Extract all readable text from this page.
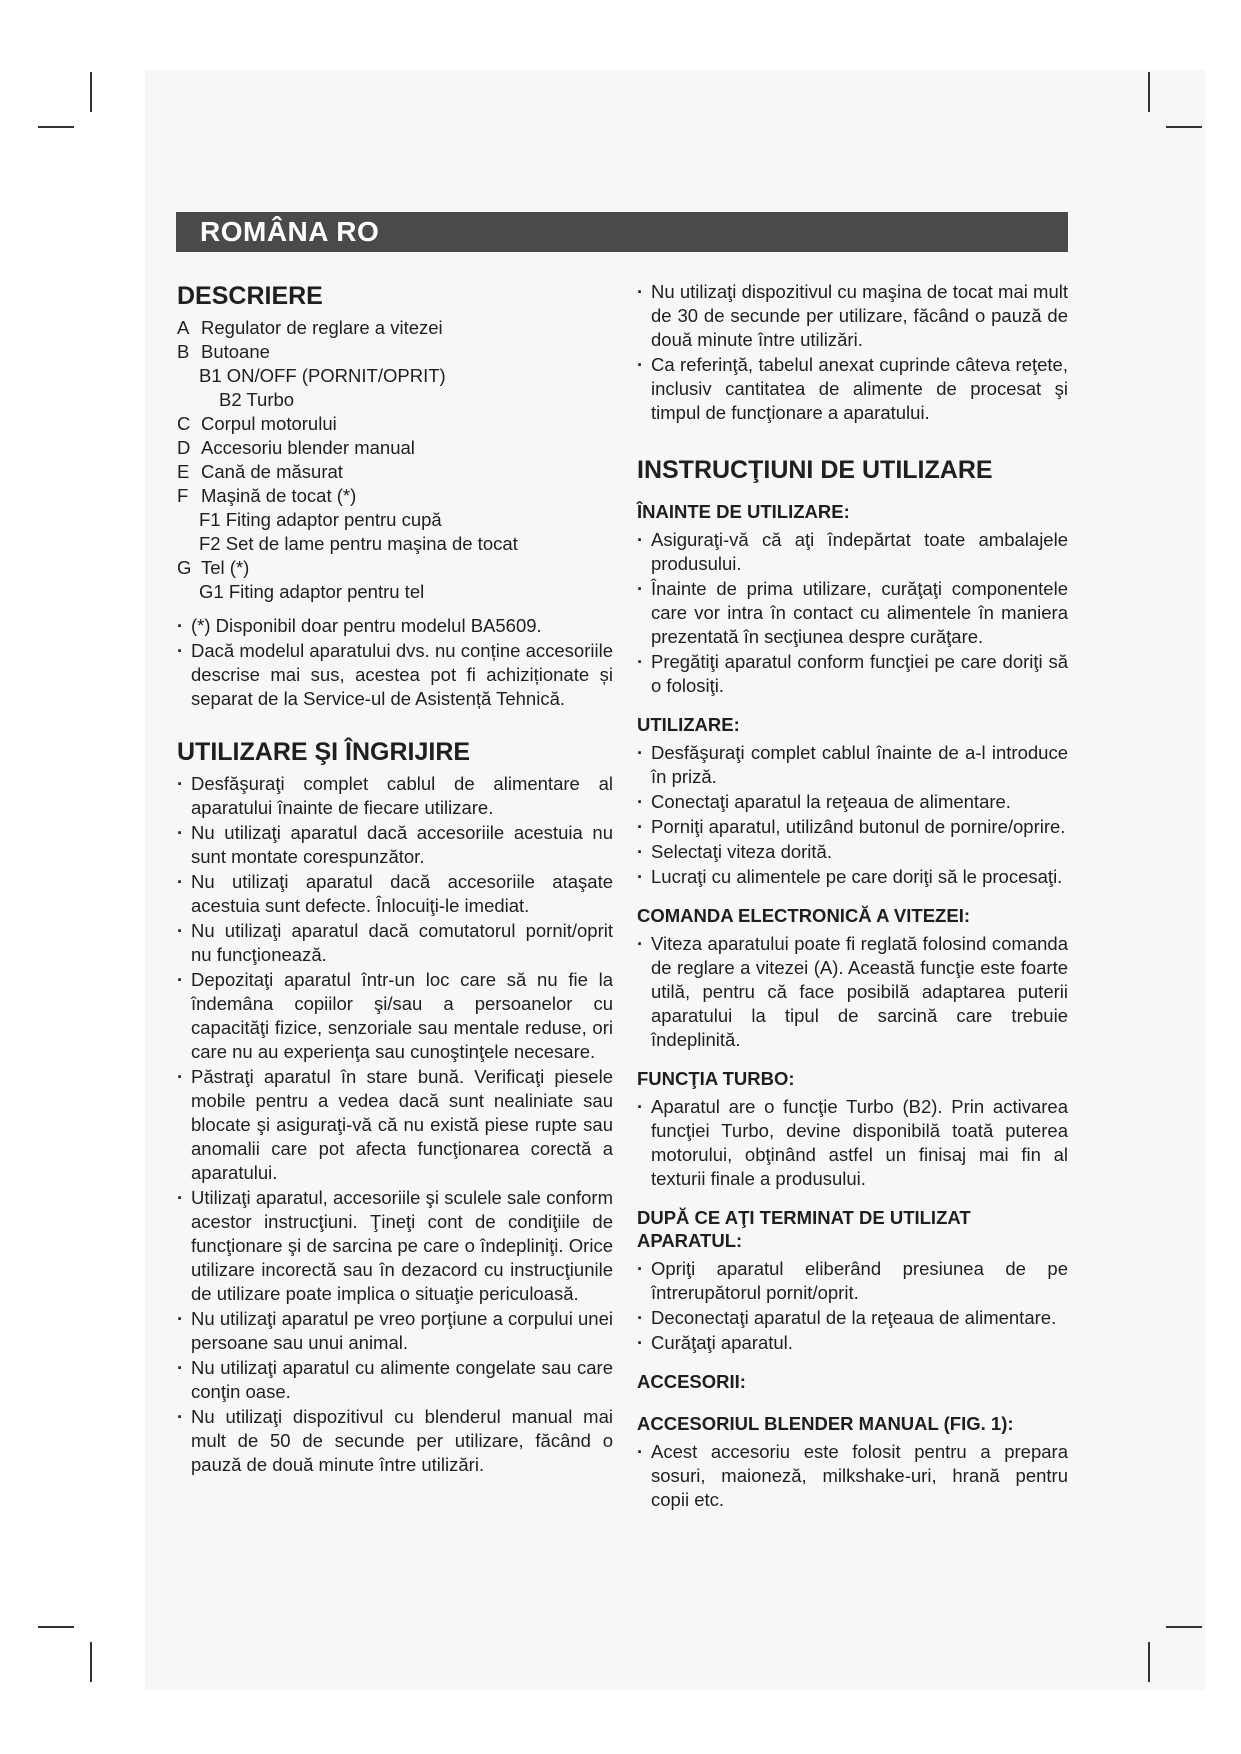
ROMÂNA RO
DESCRIERE
A Regulator de reglare a vitezei
B Butoane
B1 ON/OFF (PORNIT/OPRIT)
B2 Turbo
C Corpul motorului
D Accesoriu blender manual
E Cană de măsurat
F Maşină de tocat (*)
F1 Fiting adaptor pentru cupă
F2 Set de lame pentru maşina de tocat
G Tel (*)
G1 Fiting adaptor pentru tel
· (*) Disponibil doar pentru modelul BA5609.
· Dacă modelul aparatului dvs. nu conține accesoriile descrise mai sus, acestea pot fi achiziționate și separat de la Service-ul de Asistență Tehnică.
UTILIZARE ŞI ÎNGRIJIRE
· Desfăşuraţi complet cablul de alimentare al aparatului înainte de fiecare utilizare.
· Nu utilizaţi aparatul dacă accesoriile acestuia nu sunt montate corespunzător.
· Nu utilizaţi aparatul dacă accesoriile ataşate acestuia sunt defecte. Înlocuiţi-le imediat.
· Nu utilizaţi aparatul dacă comutatorul pornit/oprit nu funcţionează.
· Depozitaţi aparatul într-un loc care să nu fie la îndemâna copiilor şi/sau a persoanelor cu capacităţi fizice, senzoriale sau mentale reduse, ori care nu au experienţa sau cunoştinţele necesare.
· Păstraţi aparatul în stare bună. Verificaţi piesele mobile pentru a vedea dacă sunt nealiniate sau blocate şi asiguraţi-vă că nu există piese rupte sau anomalii care pot afecta funcţionarea corectă a aparatului.
· Utilizaţi aparatul, accesoriile şi sculele sale conform acestor instrucţiuni. Ţineţi cont de condiţiile de funcţionare şi de sarcina pe care o îndepliniţi. Orice utilizare incorectă sau în dezacord cu instrucţiunile de utilizare poate implica o situaţie periculoasă.
· Nu utilizaţi aparatul pe vreo porţiune a corpului unei persoane sau unui animal.
· Nu utilizaţi aparatul cu alimente congelate sau care conţin oase.
· Nu utilizaţi dispozitivul cu blenderul manual mai mult de 50 de secunde per utilizare, făcând o pauză de două minute între utilizări.
· Nu utilizaţi dispozitivul cu maşina de tocat mai mult de 30 de secunde per utilizare, făcând o pauză de două minute între utilizări.
· Ca referinţă, tabelul anexat cuprinde câteva reţete, inclusiv cantitatea de alimente de procesat şi timpul de funcţionare a aparatului.
INSTRUCŢIUNI DE UTILIZARE
ÎNAINTE DE UTILIZARE:
· Asiguraţi-vă că aţi îndepărtat toate ambalajele produsului.
· Înainte de prima utilizare, curăţaţi componentele care vor intra în contact cu alimentele în maniera prezentată în secţiunea despre curăţare.
· Pregătiţi aparatul conform funcţiei pe care doriţi să o folosiţi.
UTILIZARE:
· Desfăşuraţi complet cablul înainte de a-l introduce în priză.
· Conectaţi aparatul la reţeaua de alimentare.
· Porniţi aparatul, utilizând butonul de pornire/oprire.
· Selectaţi viteza dorită.
· Lucraţi cu alimentele pe care doriţi să le procesaţi.
COMANDA ELECTRONICĂ A VITEZEI:
· Viteza aparatului poate fi reglată folosind comanda de reglare a vitezei (A). Această funcţie este foarte utilă, pentru că face posibilă adaptarea puterii aparatului la tipul de sarcină care trebuie îndeplinită.
FUNCŢIA TURBO:
· Aparatul are o funcţie Turbo (B2). Prin activarea funcţiei Turbo, devine disponibilă toată puterea motorului, obţinând astfel un finisaj mai fin al texturii finale a produsului.
DUPĂ CE AŢI TERMINAT DE UTILIZAT APARATUL:
· Opriţi aparatul eliberând presiunea de pe întrerupătorul pornit/oprit.
· Deconectaţi aparatul de la reţeaua de alimentare.
· Curăţaţi aparatul.
ACCESORII:
ACCESORIUL BLENDER MANUAL (FIG. 1):
· Acest accesoriu este folosit pentru a prepara sosuri, maioneză, milkshake-uri, hrană pentru copii etc.
